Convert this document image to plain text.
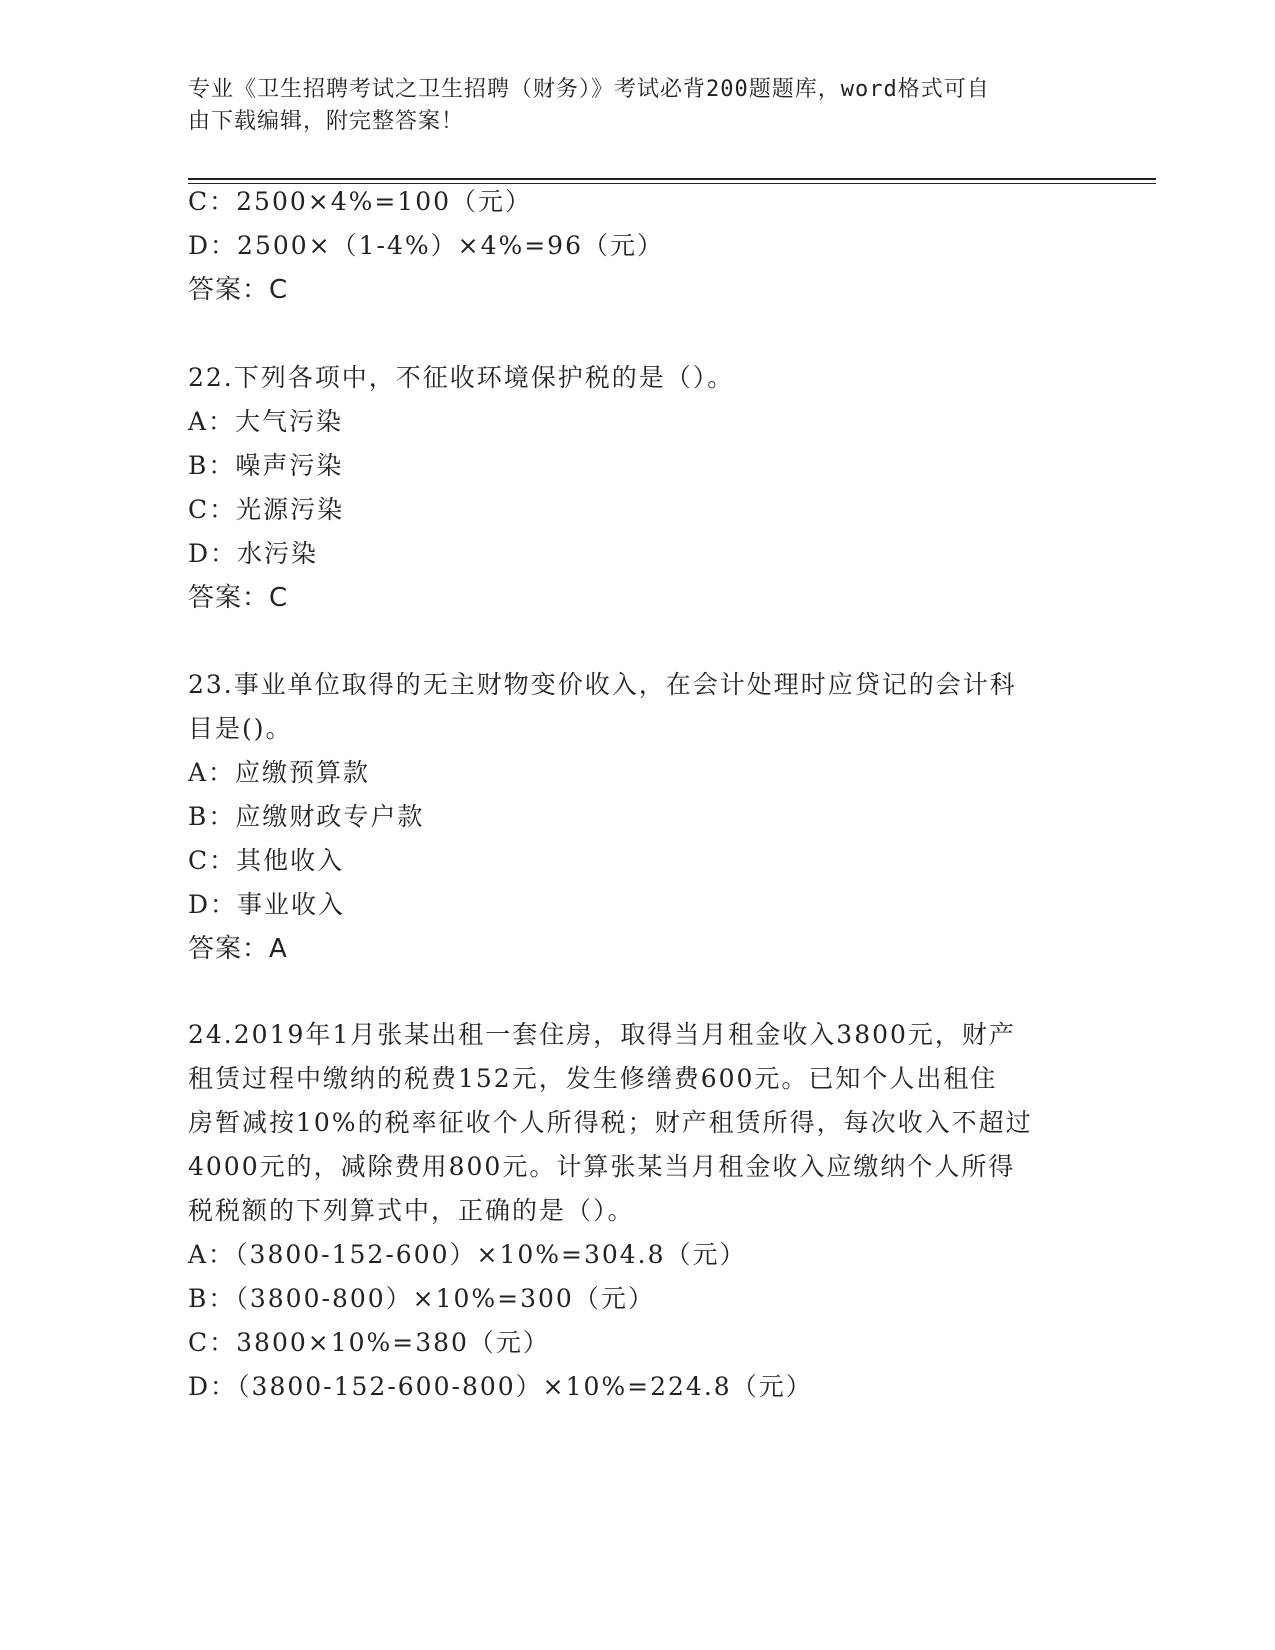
专业《卫生招聘考试之卫生招聘（财务）》考试必背200题题库，word格式可自
由下载编辑，附完整答案！
C：2500×4%=100（元）
D：2500×（1-4%）×4%=96（元）
答案：C
22.下列各项中，不征收环境保护税的是（）。
A：大气污染
B：噪声污染
C：光源污染
D：水污染
答案：C
23.事业单位取得的无主财物变价收入，在会计处理时应贷记的会计科
目是()。
A：应缴预算款
B：应缴财政专户款
C：其他收入
D：事业收入
答案：A
24.2019年1月张某出租一套住房，取得当月租金收入3800元，财产
租赁过程中缴纳的税费152元，发生修缮费600元。已知个人出租住
房暂减按10%的税率征收个人所得税；财产租赁所得，每次收入不超过
4000元的，减除费用800元。计算张某当月租金收入应缴纳个人所得
税税额的下列算式中，正确的是（）。
A：（3800-152-600）×10%=304.8（元）
B：（3800-800）×10%=300（元）
C：3800×10%=380（元）
D：（3800-152-600-800）×10%=224.8（元）
